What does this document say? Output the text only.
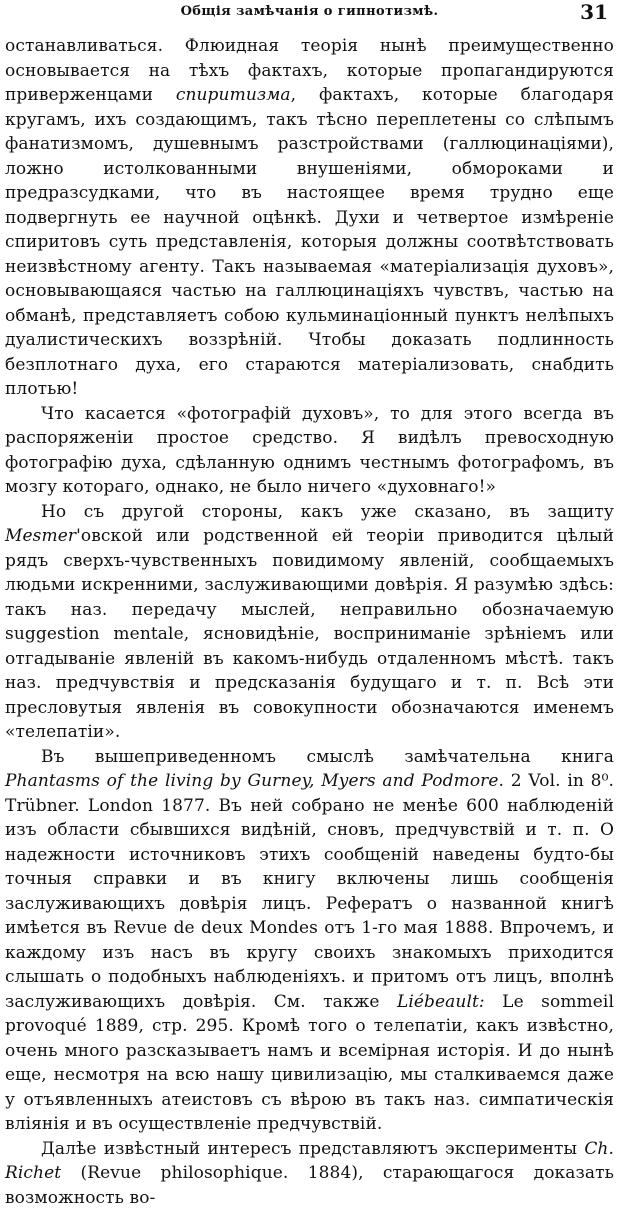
Общія замѣчанія о гипнотизмѣ.	31

останавливаться. Флюидная теорія нынѣ преимущественно основывается на тѣхъ фактахъ, которые пропагандируются приверженцами спиритизма, фактахъ, которые благодаря кругамъ, ихъ создающимъ, такъ тѣсно переплетены со слѣпымъ фанатизмомъ, душевнымъ разстройствами (галлюцинаціями), ложно истолкованными внушеніями, обмороками и предразсудками, что въ настоящее время трудно еще подвергнуть ее научной оцѣнкѣ. Духи и четвертое измѣреніе спиритовъ суть представленія, которыя должны соотвѣтствовать неизвѣстному агенту. Такъ называемая «матеріализація духовъ», основывающаяся частью на галлюцинаціяхъ чувствъ, частью на обманѣ, представляетъ собою кульминаціонный пунктъ нелѣпыхъ дуалистическихъ воззрѣній. Чтобы доказать подлинность безплотнаго духа, его стараются матеріализовать, снабдить плотью!

Что касается «фотографій духовъ», то для этого всегда въ распоряженіи простое средство. Я видѣлъ превосходную фотографію духа, сдѣланную однимъ честнымъ фотографомъ, въ мозгу котораго, однако, не было ничего «духовнаго!»

Но съ другой стороны, какъ уже сказано, въ защиту Mesmer'овской или родственной ей теоріи приводится цѣлый рядъ сверхъ-чувственныхъ повидимому явленій, сообщаемыхъ людьми искренними, заслуживающими довѣрія. Я разумѣю здѣсь: такъ наз. передачу мыслей, неправильно обозначаемую suggestion mentale, ясновидѣніе, восприниманіе зрѣніемъ или отгадываніе явленій въ какомъ-нибудь отдаленномъ мѣстѣ. такъ наз. предчувствія и предсказанія будущаго и т. п. Всѣ эти пресловутыя явленія въ совокупности обозначаются именемъ «телепатіи».

Въ вышеприведенномъ смыслѣ замѣчательна книга Phantasms of the living by Gurney, Myers and Podmore. 2 Vol. in 8⁰. Trübner. London 1877. Въ ней собрано не менѣе 600 наблюденій изъ области сбывшихся видѣній, сновъ, предчувствій и т. п. О надежности источниковъ этихъ сообщеній наведены будто-бы точныя справки и въ книгу включены лишь сообщенія заслуживающихъ довѣрія лицъ. Рефератъ о названной книгѣ имѣется въ Revue de deux Mondes отъ 1-го мая 1888. Впрочемъ, и каждому изъ насъ въ кругу своихъ знакомыхъ приходится слышать о подобныхъ наблюденіяхъ. и притомъ отъ лицъ, вполнѣ заслуживающихъ довѣрія. См. также Liébeault: Le sommeil provoqué 1889, стр. 295. Кромѣ того о телепатіи, какъ извѣстно, очень много разсказываетъ намъ и всемірная исторія. И до нынѣ еще, несмотря на всю нашу цивилизацію, мы сталкиваемся даже у отъявленныхъ атеистовъ съ вѣрою въ такъ наз. симпатическія вліянія и въ осуществленіе предчувствій.

Далѣе извѣстный интересъ представляютъ эксперименты Ch. Richet (Revue philosophique. 1884), старающагося доказать возможность во-
